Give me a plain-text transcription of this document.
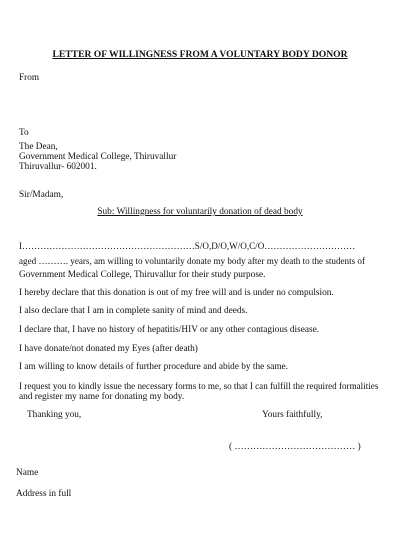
LETTER OF WILLINGNESS FROM A VOLUNTARY BODY DONOR
From
To
The Dean,
Government Medical College, Thiruvallur
Thiruvallur- 602001.
Sir/Madam,
Sub: Willingness for voluntarily donation of dead body
I…………………………………………………S/O,D/O,W/O,C/O…………………………
aged ………. years, am willing to voluntarily donate my body after my death to the students of
Government Medical College, Thiruvallur for their study purpose.
I hereby declare that this donation is out of my free will and is under no compulsion.
I also declare that I am in complete sanity of mind and deeds.
I declare that, I have no history of hepatitis/HIV or any other contagious disease.
I have donate/not donated my Eyes (after death)
I am willing to know details of further procedure and abide by the same.
I request you to kindly issue the necessary forms to me, so that I can fulfill the required formalities
and register my name for donating my body.
Thanking you,	Yours faithfully,
( ………………………………… )
Name
Address in full
